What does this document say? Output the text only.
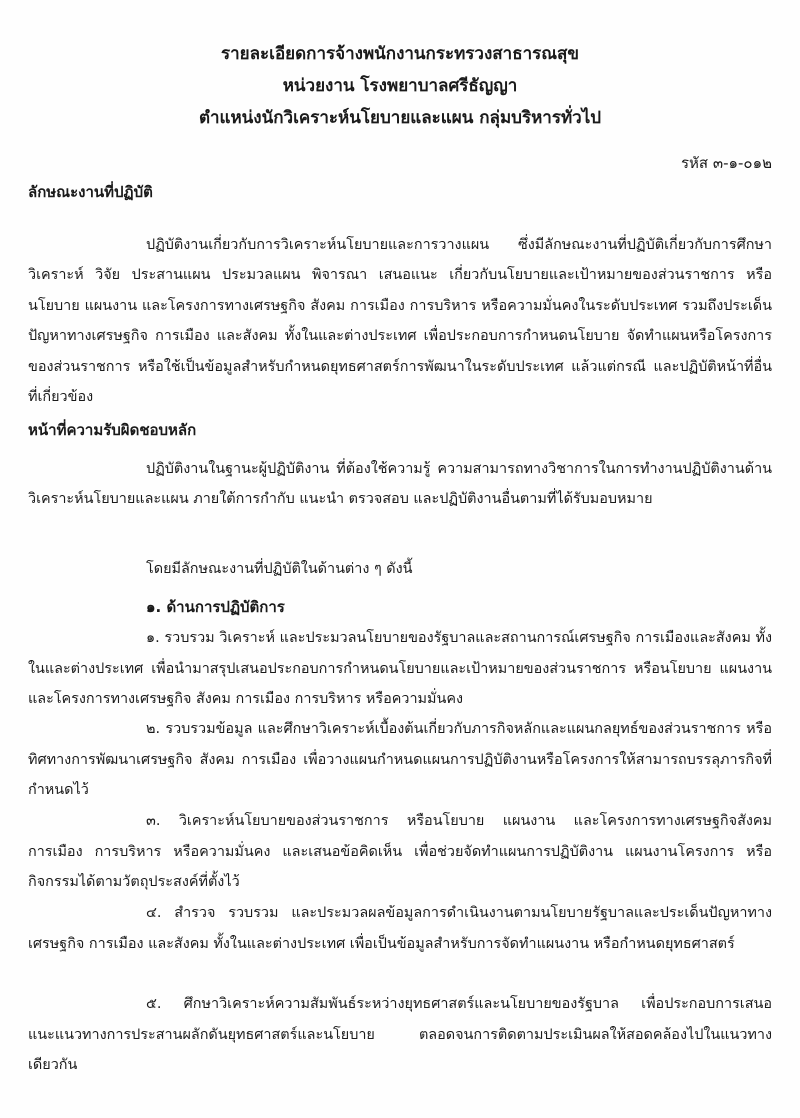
รายละเอียดการจ้างพนักงานกระทรวงสาธารณสุข
หน่วยงาน โรงพยาบาลศรีธัญญา
ตำแหน่งนักวิเคราะห์นโยบายและแผน กลุ่มบริหารทั่วไป
รหัส ๓-๑-๐๑๒
ลักษณะงานที่ปฏิบัติ
ปฏิบัติงานเกี่ยวกับการวิเคราะห์นโยบายและการวางแผน ซึ่งมีลักษณะงานที่ปฏิบัติเกี่ยวกับการศึกษา วิเคราะห์ วิจัย ประสานแผน ประมวลแผน พิจารณา เสนอแนะ เกี่ยวกับนโยบายและเป้าหมายของส่วนราชการ หรือนโยบาย แผนงาน และโครงการทางเศรษฐกิจ สังคม การเมือง การบริหาร หรือความมั่นคงในระดับประเทศ รวมถึงประเด็นปัญหาทางเศรษฐกิจ การเมือง และสังคม ทั้งในและต่างประเทศ เพื่อประกอบการกำหนดนโยบาย จัดทำแผนหรือโครงการของส่วนราชการ หรือใช้เป็นข้อมูลสำหรับกำหนดยุทธศาสตร์การพัฒนาในระดับประเทศ แล้วแต่กรณี และปฏิบัติหน้าที่อื่นที่เกี่ยวข้อง
หน้าที่ความรับผิดชอบหลัก
ปฏิบัติงานในฐานะผู้ปฏิบัติงาน ที่ต้องใช้ความรู้ ความสามารถทางวิชาการในการทำงานปฏิบัติงานด้านวิเคราะห์นโยบายและแผน ภายใต้การกำกับ แนะนำ ตรวจสอบ และปฏิบัติงานอื่นตามที่ได้รับมอบหมาย
โดยมีลักษณะงานที่ปฏิบัติในด้านต่าง ๆ ดังนี้
๑. ด้านการปฏิบัติการ
๑. รวบรวม วิเคราะห์ และประมวลนโยบายของรัฐบาลและสถานการณ์เศรษฐกิจ การเมืองและสังคม ทั้งในและต่างประเทศ เพื่อนำมาสรุปเสนอประกอบการกำหนดนโยบายและเป้าหมายของส่วนราชการ หรือนโยบาย แผนงาน และโครงการทางเศรษฐกิจ สังคม การเมือง การบริหาร หรือความมั่นคง
๒. รวบรวมข้อมูล และศึกษาวิเคราะห์เบื้องต้นเกี่ยวกับภารกิจหลักและแผนกลยุทธ์ของส่วนราชการ หรือทิศทางการพัฒนาเศรษฐกิจ สังคม การเมือง เพื่อวางแผนกำหนดแผนการปฏิบัติงานหรือโครงการให้สามารถบรรลุภารกิจที่กำหนดไว้
๓. วิเคราะห์นโยบายของส่วนราชการ หรือนโยบาย แผนงาน และโครงการทางเศรษฐกิจสังคม การเมือง การบริหาร หรือความมั่นคง และเสนอข้อคิดเห็น เพื่อช่วยจัดทำแผนการปฏิบัติงาน แผนงานโครงการ หรือ กิจกรรมได้ตามวัตถุประสงค์ที่ตั้งไว้
๔. สำรวจ รวบรวม และประมวลผลข้อมูลการดำเนินงานตามนโยบายรัฐบาลและประเด็นปัญหาทางเศรษฐกิจ การเมือง และสังคม ทั้งในและต่างประเทศ เพื่อเป็นข้อมูลสำหรับการจัดทำแผนงาน หรือกำหนดยุทธศาสตร์
๕. ศึกษาวิเคราะห์ความสัมพันธ์ระหว่างยุทธศาสตร์และนโยบายของรัฐบาล เพื่อประกอบการเสนอแนะแนวทางการประสานผลักดันยุทธศาสตร์และนโยบาย ตลอดจนการติดตามประเมินผลให้สอดคล้องไปในแนวทางเดียวกัน
